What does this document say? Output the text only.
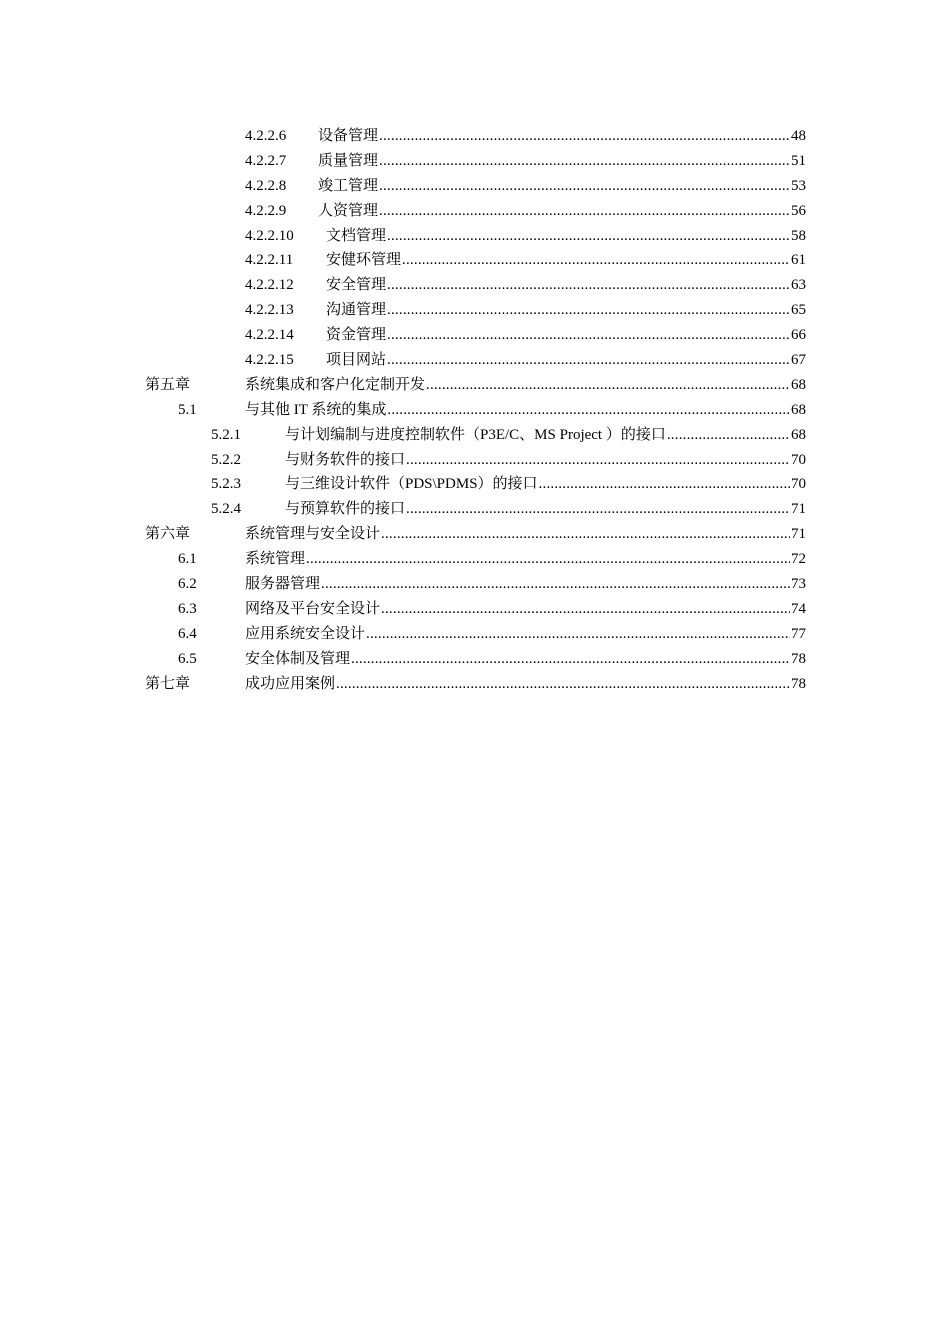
4.2.2.6 设备管理 .....	48
4.2.2.7 质量管理 .....	51
4.2.2.8 竣工管理 .....	53
4.2.2.9 人资管理 .....	56
4.2.2.10 文档管理 .....	58
4.2.2.11 安健环管理 .....	61
4.2.2.12 安全管理 .....	63
4.2.2.13 沟通管理 .....	65
4.2.2.14 资金管理 .....	66
4.2.2.15 项目网站 .....	67
第五章	系统集成和客户化定制开发 .....	68
5.1	与其他 IT 系统的集成 .....	68
5.2.1	与计划编制与进度控制软件（P3E/C、MS Project ）的接口 .....	68
5.2.2	与财务软件的接口 .....	70
5.2.3	与三维设计软件（PDS\PDMS）的接口 .....	70
5.2.4	与预算软件的接口 .....	71
第六章	系统管理与安全设计 .....	71
6.1	系统管理 .....	72
6.2	服务器管理 .....	73
6.3	网络及平台安全设计 .....	74
6.4	应用系统安全设计 .....	77
6.5	安全体制及管理 .....	78
第七章	成功应用案例 .....	78
